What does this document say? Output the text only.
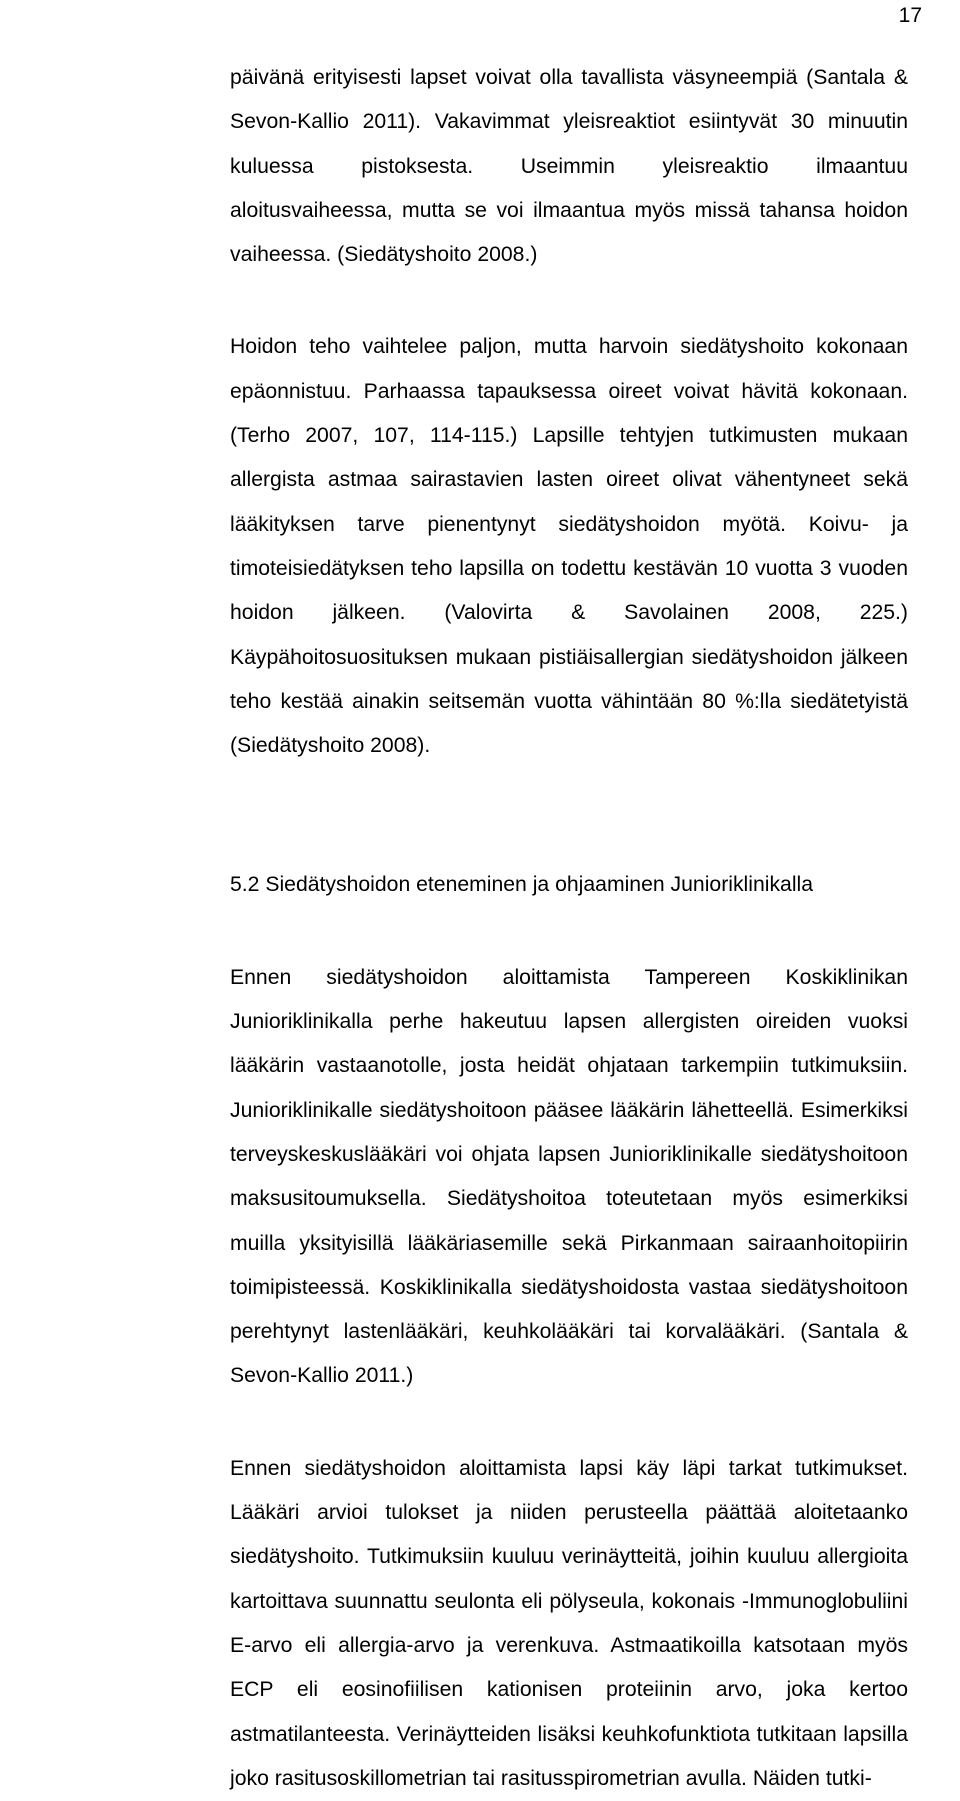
17

päivänä erityisesti lapset voivat olla tavallista väsyneempiä (Santala & Sevon-Kallio 2011). Vakavimmat yleisreaktiot esiintyvät 30 minuutin kuluessa pistoksesta. Useimmin yleisreaktio ilmaantuu aloitusvaiheessa, mutta se voi ilmaantua myös missä tahansa hoidon vaiheessa. (Siedätyshoito 2008.)

Hoidon teho vaihtelee paljon, mutta harvoin siedätyshoito kokonaan epäonnistuu. Parhaassa tapauksessa oireet voivat hävitä kokonaan. (Terho 2007, 107, 114-115.) Lapsille tehtyjen tutkimusten mukaan allergista astmaa sairastavien lasten oireet olivat vähentyneet sekä lääkityksen tarve pienentynyt siedätyshoidon myötä. Koivu- ja timoteisiedätyksen teho lapsilla on todettu kestävän 10 vuotta 3 vuoden hoidon jälkeen. (Valovirta & Savolainen 2008, 225.) Käypähoitosuosituksen mukaan pistiäisallergian siedätyshoidon jälkeen teho kestää ainakin seitsemän vuotta vähintään 80 %:lla siedätetyistä (Siedätyshoito 2008).

5.2 Siedätyshoidon eteneminen ja ohjaaminen Junioriklinikalla

Ennen siedätyshoidon aloittamista Tampereen Koskiklinikan Junioriklinikalla perhe hakeutuu lapsen allergisten oireiden vuoksi lääkärin vastaanotolle, josta heidät ohjataan tarkempiin tutkimuksiin. Junioriklinikalle siedätyshoitoon pääsee lääkärin lähetteellä. Esimerkiksi terveyskeskuslääkäri voi ohjata lapsen Junioriklinikalle siedätyshoitoon maksusitoumuksella. Siedätyshoitoa toteutetaan myös esimerkiksi muilla yksityisillä lääkäriasemille sekä Pirkanmaan sairaanhoitopiirin toimipisteessä. Koskiklinikalla siedätyshoidosta vastaa siedätyshoitoon perehtynyt lastenlääkäri, keuhkolääkäri tai korvalääkäri. (Santala & Sevon-Kallio 2011.)

Ennen siedätyshoidon aloittamista lapsi käy läpi tarkat tutkimukset. Lääkäri arvioi tulokset ja niiden perusteella päättää aloitetaanko siedätyshoito. Tutkimuksiin kuuluu verinäytteitä, joihin kuuluu allergioita kartoittava suunnattu seulonta eli pölyseula, kokonais -Immunoglobuliini E-arvo eli allergia-arvo ja verenkuva. Astmaatikoilla katsotaan myös ECP eli eosinofiilisen kationisen proteiinin arvo, joka kertoo astmatilanteesta. Verinäytteiden lisäksi keuhkofunktiota tutkitaan lapsilla joko rasitusoskillometrian tai rasitusspirometrian avulla. Näiden tutki-
